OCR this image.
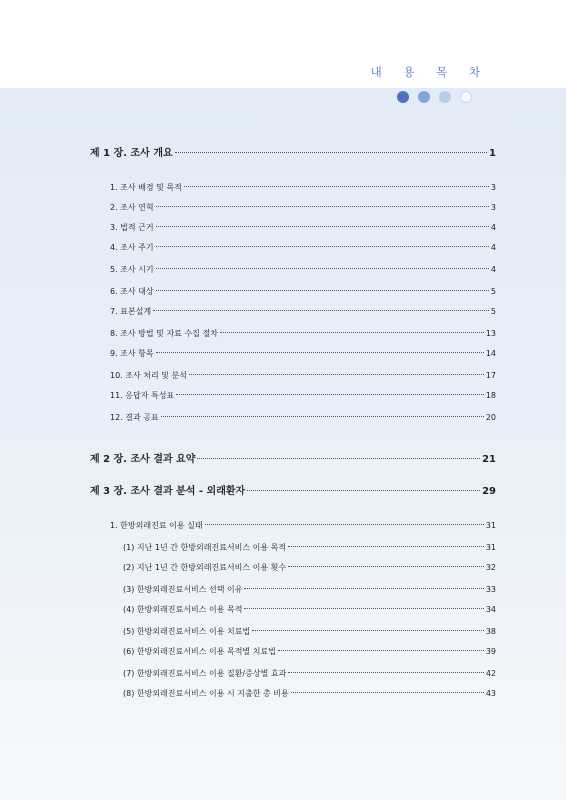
내 용 목 차
제 1 장. 조사 개요	1
1. 조사 배경 및 목적	3
2. 조사 연혁	3
3. 법적 근거	4
4. 조사 주기	4
5. 조사 시기	4
6. 조사 대상	5
7. 표본설계	5
8. 조사 방법 및 자료 수집 절차	13
9. 조사 항목	14
10. 조사 처리 및 분석	17
11. 응답자 특성표	18
12. 결과 공표	20
제 2 장. 조사 결과 요약	21
제 3 장. 조사 결과 분석 - 외래환자	29
1. 한방외래진료 이용 실태	31
(1) 지난 1년 간 한방외래진료서비스 이용 목적	31
(2) 지난 1년 간 한방외래진료서비스 이용 횟수	32
(3) 한방외래진료서비스 선택 이유	33
(4) 한방외래진료서비스 이용 목적	34
(5) 한방외래진료서비스 이용 치료법	38
(6) 한방외래진료서비스 이용 목적별 치료법	39
(7) 한방외래진료서비스 이용 질환/증상별 효과	42
(8) 한방외래진료서비스 이용 시 지출한 총 비용	43
